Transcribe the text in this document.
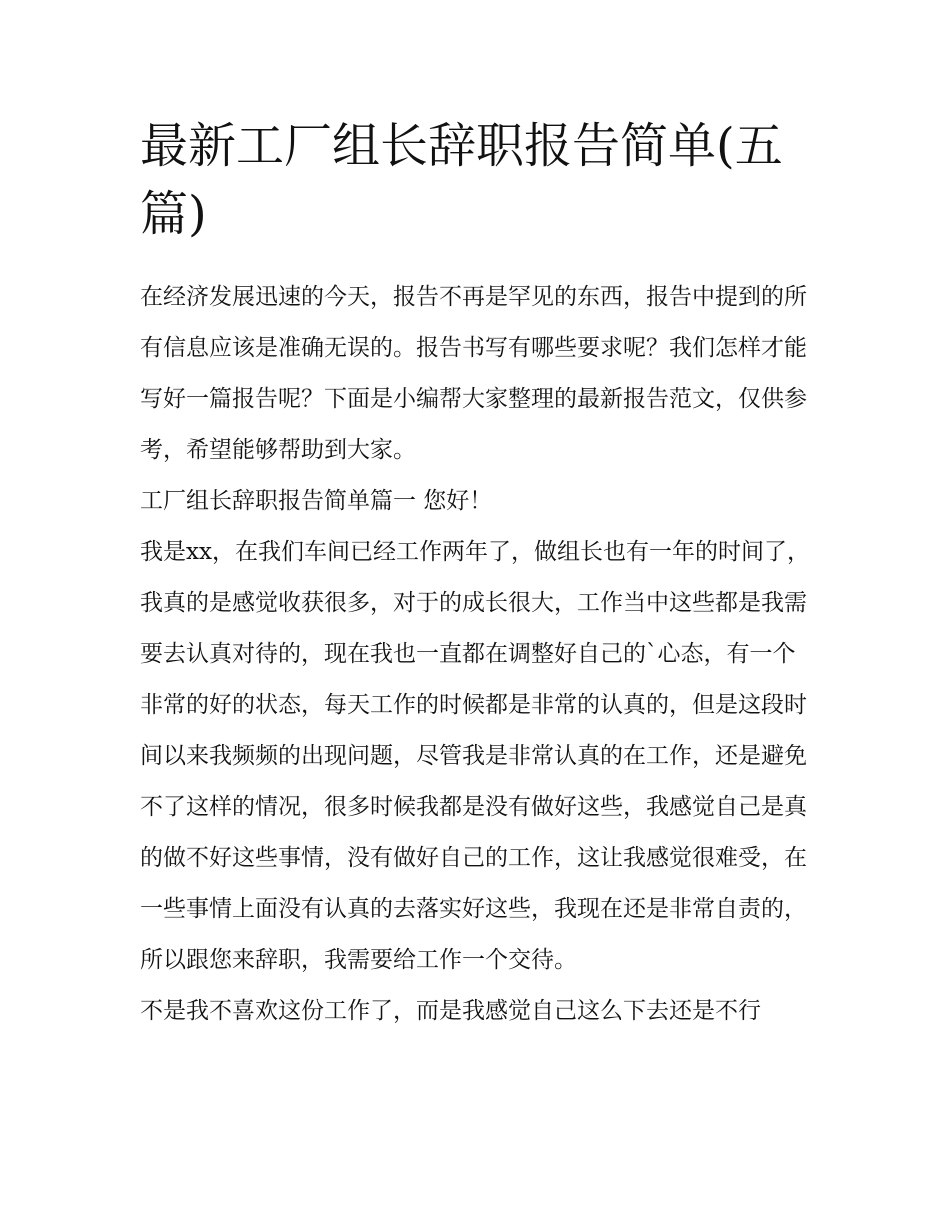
最新工厂组长辞职报告简单(五篇)

在经济发展迅速的今天，报告不再是罕见的东西，报告中提到的所有信息应该是准确无误的。报告书写有哪些要求呢？我们怎样才能写好一篇报告呢？下面是小编帮大家整理的最新报告范文，仅供参考，希望能够帮助到大家。

工厂组长辞职报告简单篇一 您好！

我是xx，在我们车间已经工作两年了，做组长也有一年的时间了，我真的是感觉收获很多，对于的成长很大，工作当中这些都是我需要去认真对待的，现在我也一直都在调整好自己的`心态，有一个非常的好的状态，每天工作的时候都是非常的认真的，但是这段时间以来我频频的出现问题，尽管我是非常认真的在工作，还是避免不了这样的情况，很多时候我都是没有做好这些，我感觉自己是真的做不好这些事情，没有做好自己的工作，这让我感觉很难受，在一些事情上面没有认真的去落实好这些，我现在还是非常自责的，所以跟您来辞职，我需要给工作一个交待。

不是我不喜欢这份工作了，而是我感觉自己这么下去还是不行
